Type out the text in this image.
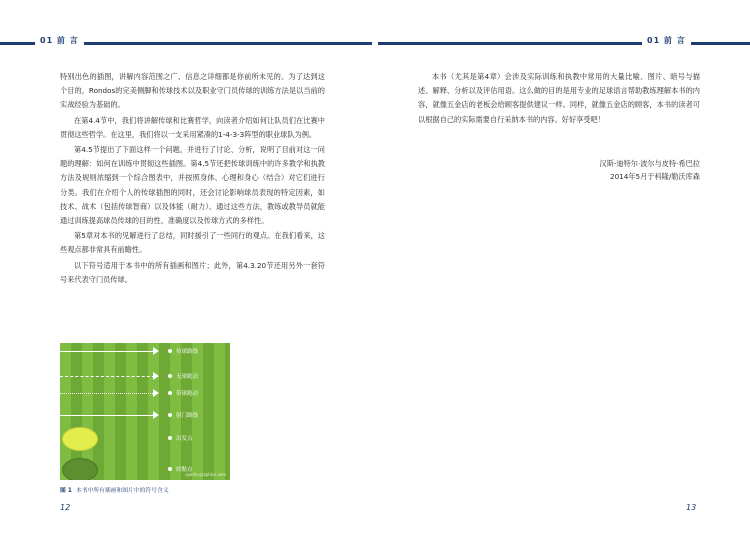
01 前 言	01 前 言

特别出色的插图，讲解内容范围之广、信息之详细都是你前所未见的。为了达到这个目的，Rondos的完美侧脚和传球技术以及职业守门员传球的训练方法是以当前的实战经验为基础的。

在第4.4节中，我们将讲解传球和比赛哲学，向读者介绍如何让队员们在比赛中贯彻这些哲学。在这里，我们将以一支采用紧凑的1-4-3-3阵型的职业球队为例。

第4.5节提出了下面这样一个问题，并进行了讨论、分析，说明了目前对这一问题的理解：如何在训练中贯彻这些插图。第4.5节还把传球训练中的许多教学和执教方法及规则浓缩到一个综合图表中，并按照身体、心理和身心（结合）对它们进行分类。我们在介绍个人的传球插图的同时，还会讨论影响球员表现的特定因素，如技术、战术（包括传球智商）以及体能（耐力）。通过这些方法，教练或教导员就能通过训练提高球员传球的目的性、准确度以及传球方式的多样性。

第5章对本书的见解进行了总结，同时援引了一些同行的观点。在我们看来，这些观点都非常具有前瞻性。

以下符号适用于本书中的所有插画和图片；此外，第4.3.20节还用另外一套符号来代表守门员传球。

传球路线
无球跑动
带球跑动
射门路线
出发点
終點点
sports-graphics.com
图 1 本书中所有插画和图片中的符号含义
12

本书（尤其是第4章）会涉及实际训练和执教中常用的大量比喻、图片、暗号与描述、解释、分析以及评估用语。这么做的目的是用专业的足球语言帮助教练理解本书的内容，就像五金店的老板会给顾客提供建议一样。同样，就像五金店的顾客，本书的读者可以根据自己的实际需要自行采纳本书的内容。好好享受吧！

汉斯-迪特尔·波尔与皮特·希巴拉
2014年5月于科隆/勒沃库森
13
